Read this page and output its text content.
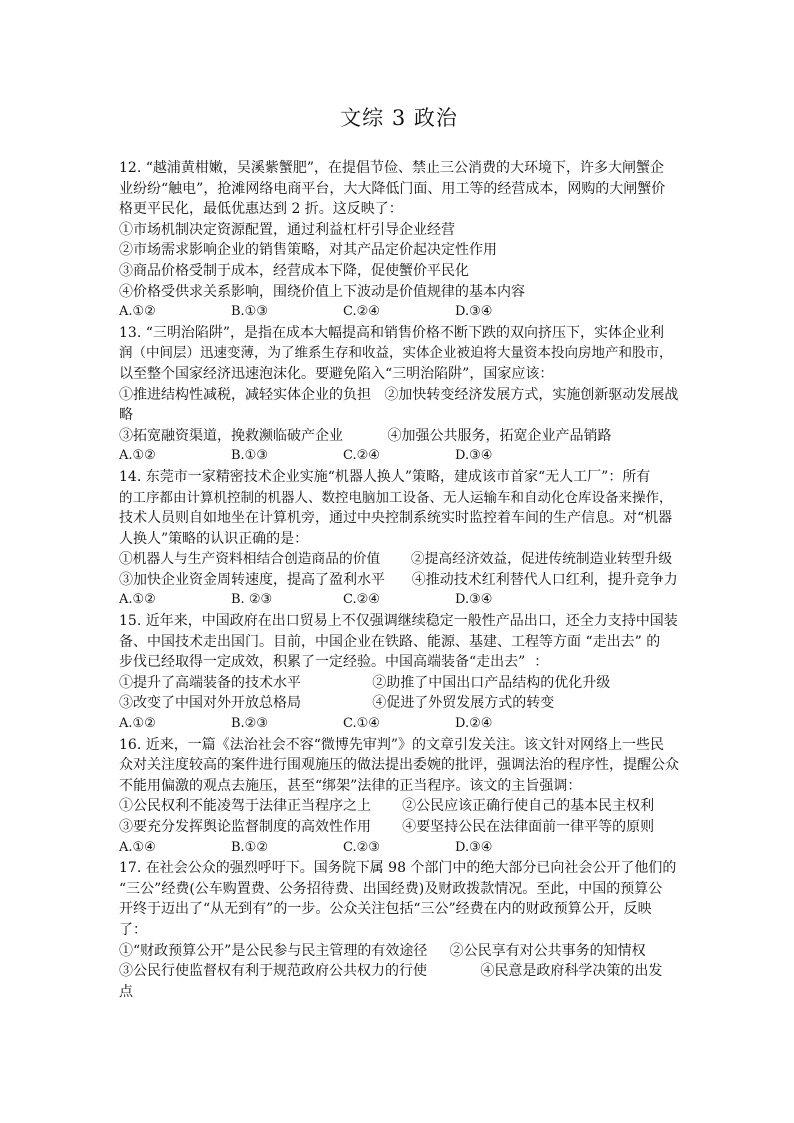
文综 3 政治
12. “越浦黄柑嫩，吴溪紫蟹肥”，在提倡节俭、禁止三公消费的大环境下，许多大闸蟹企
业纷纷“触电”，抢滩网络电商平台，大大降低门面、用工等的经营成本，网购的大闸蟹价
格更平民化，最低优惠达到 2 折。这反映了：
①市场机制决定资源配置，通过利益杠杆引导企业经营
②市场需求影响企业的销售策略，对其产品定价起决定性作用
③商品价格受制于成本，经营成本下降，促使蟹价平民化
④价格受供求关系影响，围绕价值上下波动是价值规律的基本内容
A.①②	B.①③	C.②④	D.③④
13. “三明治陷阱”，是指在成本大幅提高和销售价格不断下跌的双向挤压下，实体企业利
润（中间层）迅速变薄，为了维系生存和收益，实体企业被迫将大量资本投向房地产和股市，
以至整个国家经济迅速泡沫化。要避免陷入“三明治陷阱”，国家应该：
①推进结构性减税，减轻实体企业的负担   ②加快转变经济发展方式，实施创新驱动发展战
略
③拓宽融资渠道，挽救濒临破产企业          ④加强公共服务，拓宽企业产品销路
A.①②	B.①③	C.②④	D.③④
14. 东莞市一家精密技术企业实施“机器人换人”策略，建成该市首家“无人工厂”：所有
的工序都由计算机控制的机器人、数控电脑加工设备、无人运输车和自动化仓库设备来操作，
技术人员则自如地坐在计算机旁，通过中央控制系统实时监控着车间的生产信息。对“机器
人换人”策略的认识正确的是：
①机器人与生产资料相结合创造商品的价值       ②提高经济效益，促进传统制造业转型升级
③加快企业资金周转速度，提高了盈利水平      ④推动技术红利替代人口红利，提升竞争力
A.①②	B. ②③	C.②④	D.③④
15. 近年来，中国政府在出口贸易上不仅强调继续稳定一般性产品出口，还全力支持中国装
备、中国技术走出国门。目前，中国企业在铁路、能源、基建、工程等方面 “走出去” 的
步伐已经取得一定成效，积累了一定经验。中国高端装备“走出去”  ：
①提升了高端装备的技术水平                ②助推了中国出口产品结构的优化升级
③改变了中国对外开放总格局                ④促进了外贸发展方式的转变
A.①②	B.②③	C.①④	D.②④
16. 近来，一篇《法治社会不容“微博先审判”》的文章引发关注。该文针对网络上一些民
众对关注度较高的案件进行围观施压的做法提出委婉的批评，强调法治的程序性，提醒公众
不能用偏激的观点去施压，甚至“绑架”法律的正当程序。该文的主旨强调：
①公民权利不能凌驾于法律正当程序之上       ②公民应该正确行使自己的基本民主权利
③要充分发挥舆论监督制度的高效性作用       ④要坚持公民在法律面前一律平等的原则
A.①④	B.①②	C.②③	D.③④
17. 在社会公众的强烈呼吁下。国务院下属 98 个部门中的绝大部分已向社会公开了他们的
“三公”经费(公车购置费、公务招待费、出国经费)及财政拨款情况。至此，中国的预算公
开终于迈出了“从无到有”的一步。公众关注包括“三公”经费在内的财政预算公开，反映
了：
①“财政预算公开”是公民参与民主管理的有效途径     ②公民享有对公共事务的知情权
③公民行使监督权有利于规范政府公共权力的行使            ④民意是政府科学决策的出发
点
